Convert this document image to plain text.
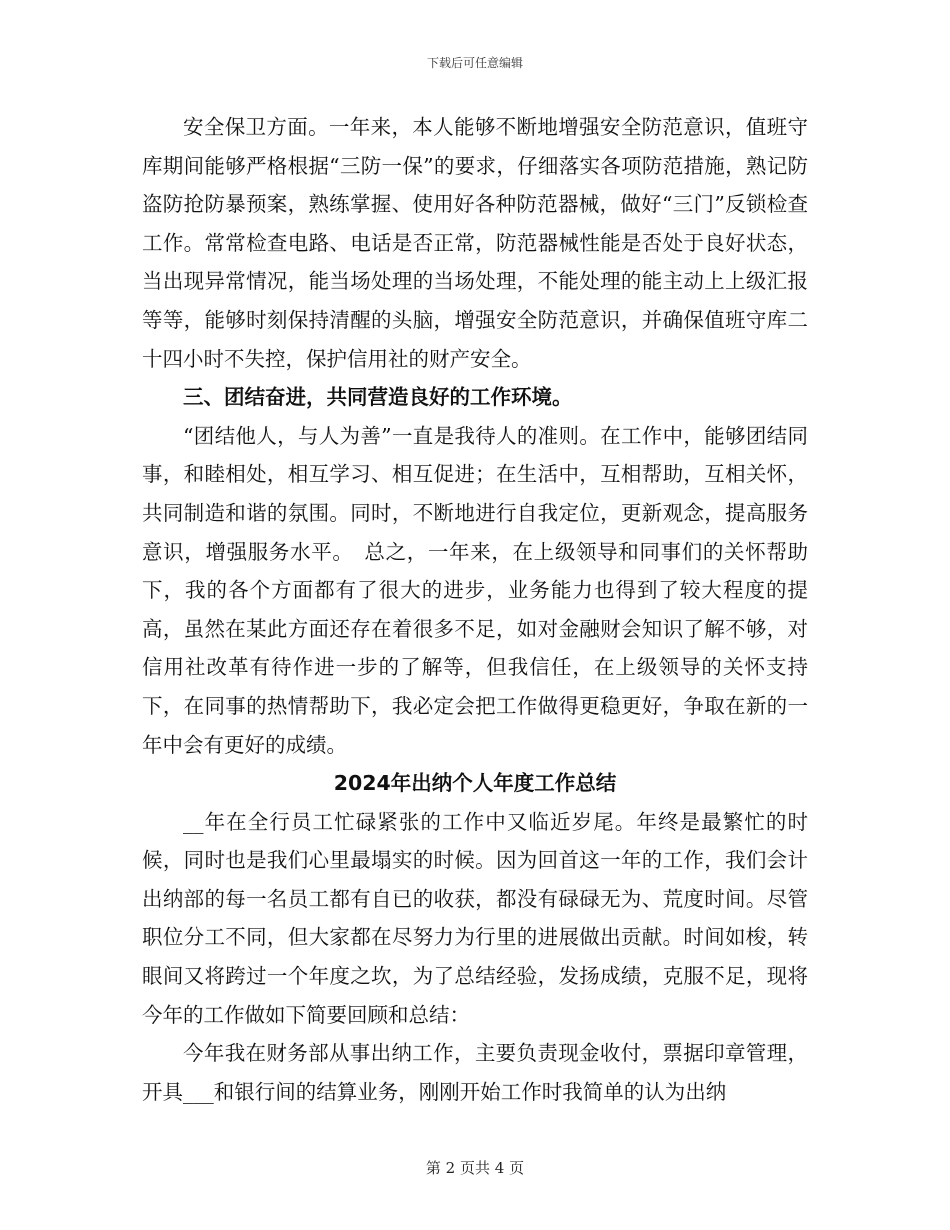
下载后可任意编辑

安全保卫方面。一年来，本人能够不断地增强安全防范意识，值班守库期间能够严格根据“三防一保”的要求，仔细落实各项防范措施，熟记防盗防抢防暴预案，熟练掌握、使用好各种防范器械，做好“三门”反锁检查工作。常常检查电路、电话是否正常，防范器械性能是否处于良好状态，当出现异常情况，能当场处理的当场处理，不能处理的能主动上上级汇报等等，能够时刻保持清醒的头脑，增强安全防范意识，并确保值班守库二十四小时不失控，保护信用社的财产安全。

三、团结奋进，共同营造良好的工作环境。

“团结他人，与人为善”一直是我待人的准则。在工作中，能够团结同事，和睦相处，相互学习、相互促进；在生活中，互相帮助，互相关怀，共同制造和谐的氛围。同时，不断地进行自我定位，更新观念，提高服务意识，增强服务水平。　总之，一年来，在上级领导和同事们的关怀帮助下，我的各个方面都有了很大的进步，业务能力也得到了较大程度的提高，虽然在某此方面还存在着很多不足，如对金融财会知识了解不够，对信用社改革有待作进一步的了解等，但我信任，在上级领导的关怀支持下，在同事的热情帮助下，我必定会把工作做得更稳更好，争取在新的一年中会有更好的成绩。

2024年出纳个人年度工作总结

__年在全行员工忙碌紧张的工作中又临近岁尾。年终是最繁忙的时候，同时也是我们心里最塌实的时候。因为回首这一年的工作，我们会计出纳部的每一名员工都有自已的收获，都没有碌碌无为、荒度时间。尽管职位分工不同，但大家都在尽努力为行里的进展做出贡献。时间如梭，转眼间又将跨过一个年度之坎，为了总结经验，发扬成绩，克服不足，现将今年的工作做如下简要回顾和总结：

今年我在财务部从事出纳工作，主要负责现金收付，票据印章管理，开具___和银行间的结算业务，刚刚开始工作时我简单的认为出纳

第 2 页共 4 页
